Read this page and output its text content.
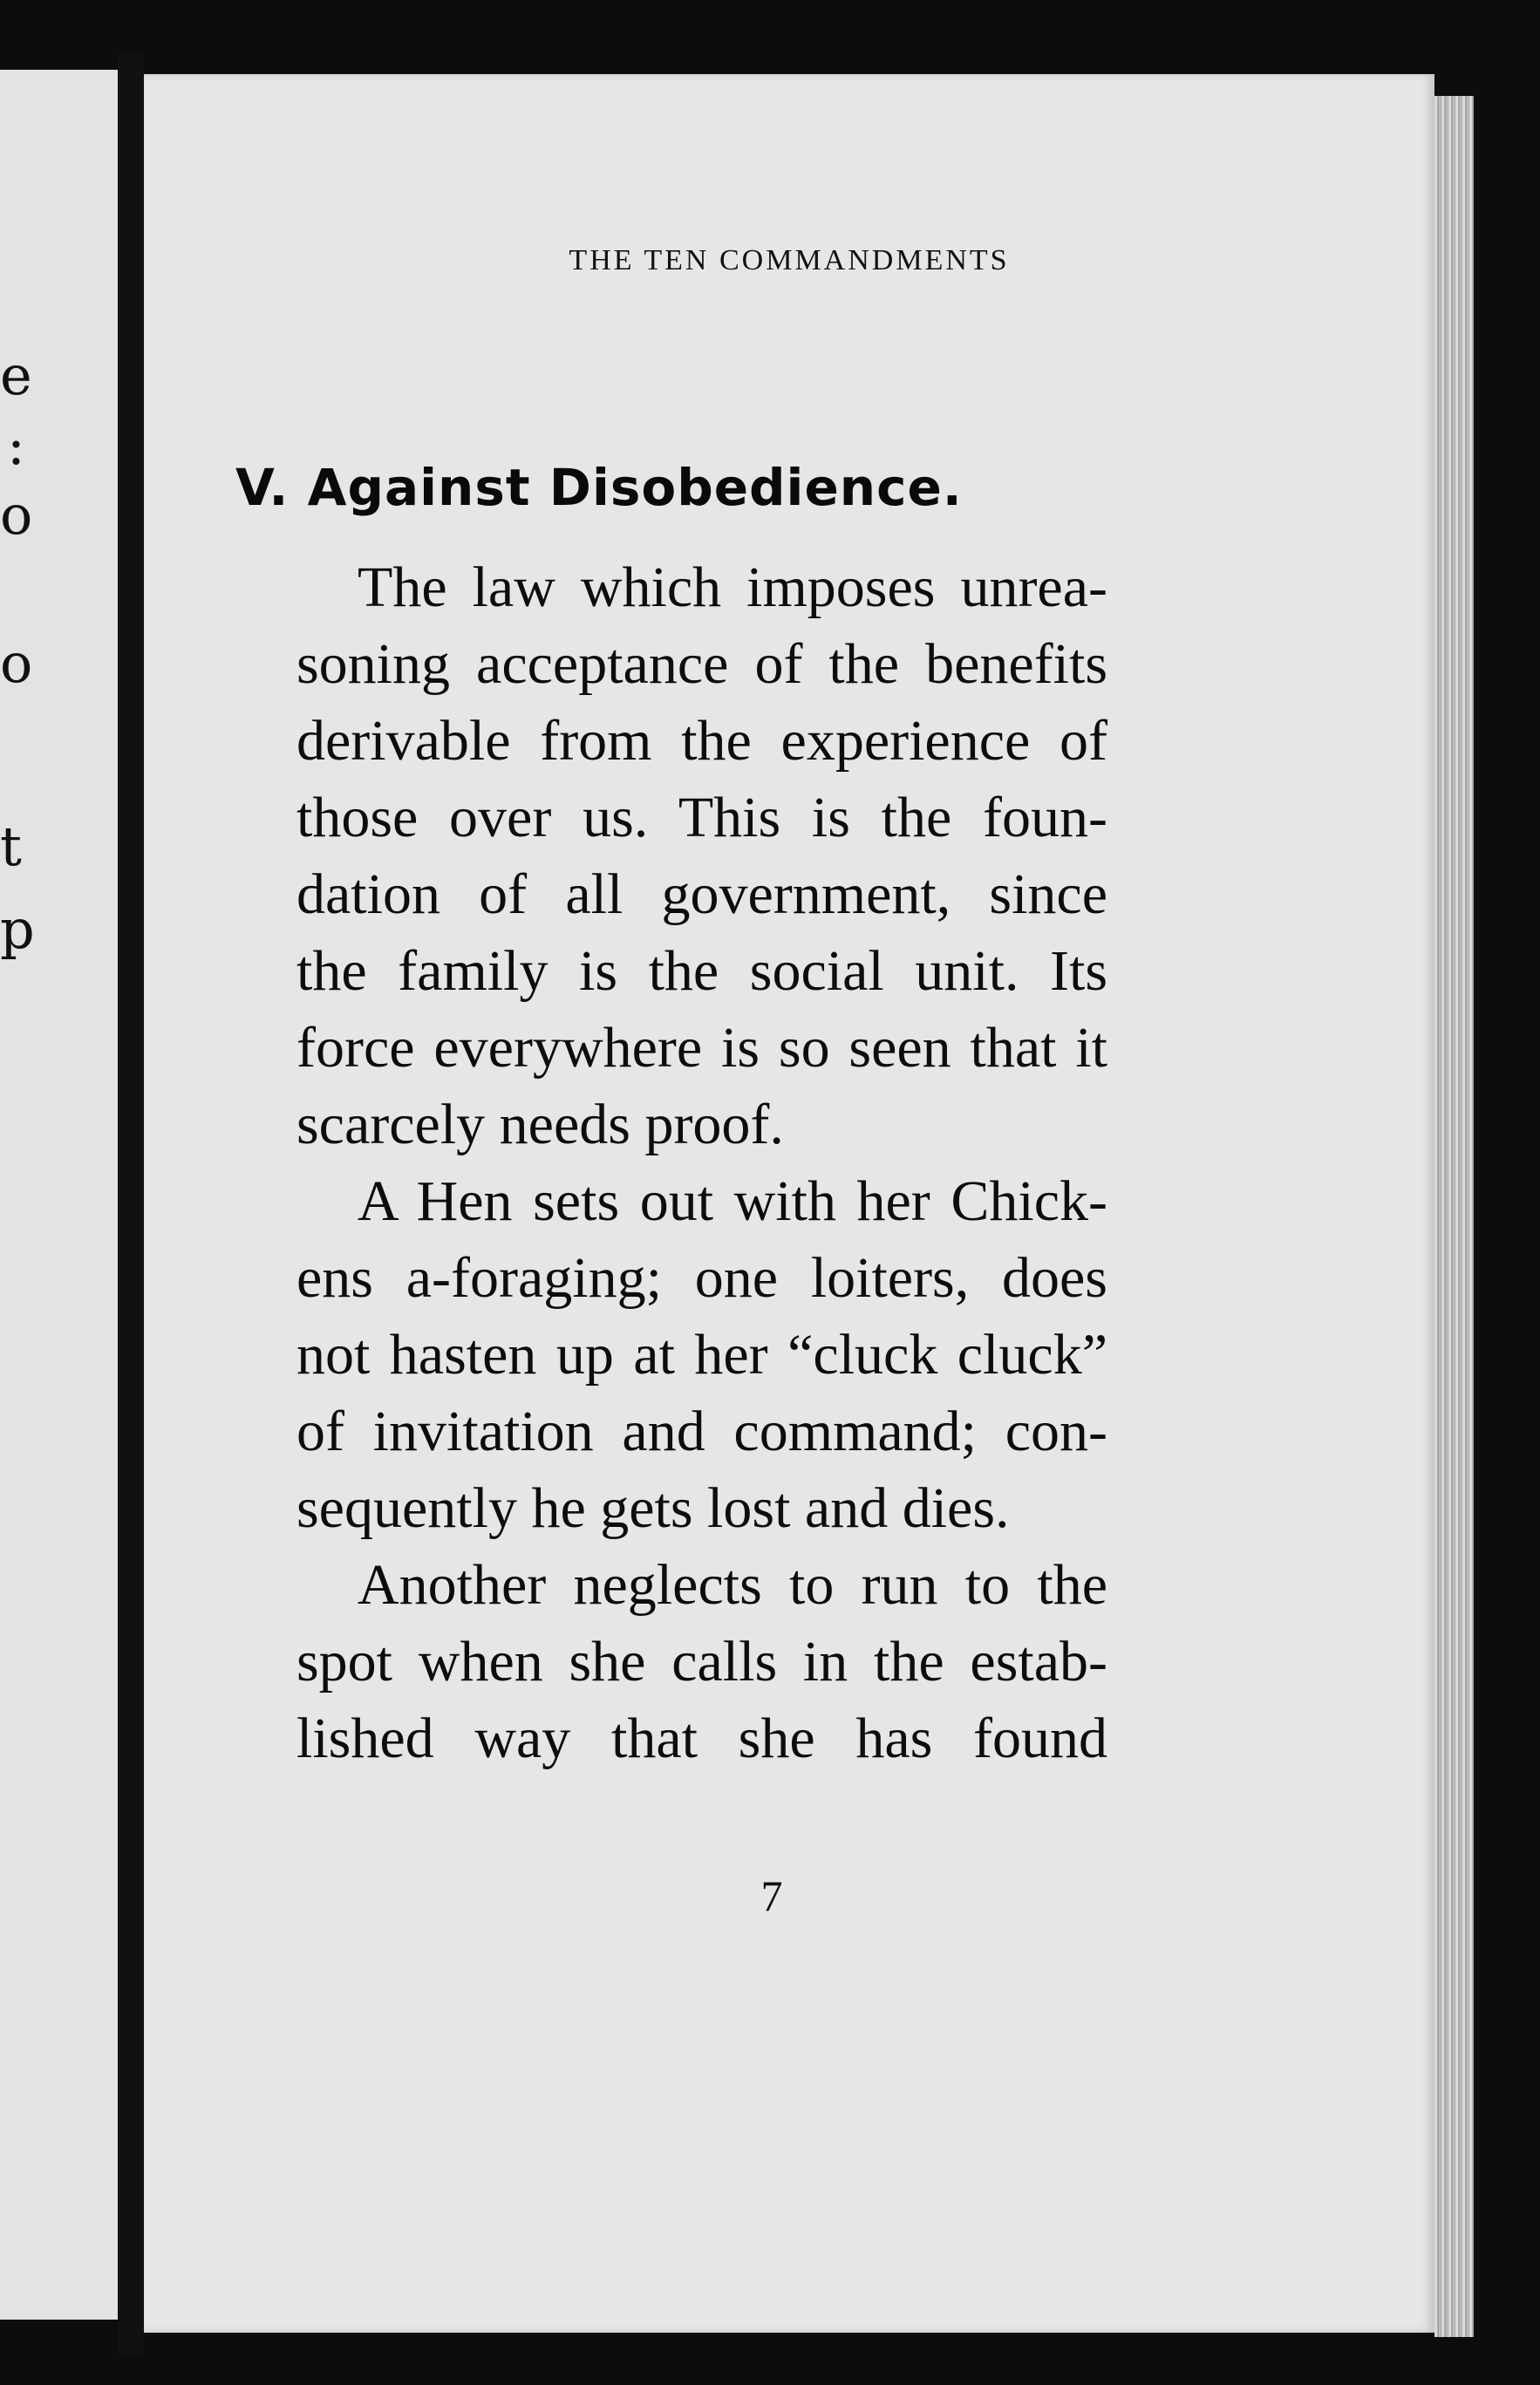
e
:
o
o
t
p
THE TEN COMMANDMENTS
V. Against Disobedience.

The law which imposes unrea-
soning acceptance of the benefits
derivable from the experience of
those over us. This is the foun-
dation of all government, since
the family is the social unit. Its
force everywhere is so seen that it
scarcely needs proof.

A Hen sets out with her Chick-
ens a-foraging; one loiters, does
not hasten up at her “cluck cluck”
of invitation and command; con-
sequently he gets lost and dies.

Another neglects to run to the
spot when she calls in the estab-
lished way that she has found

7
